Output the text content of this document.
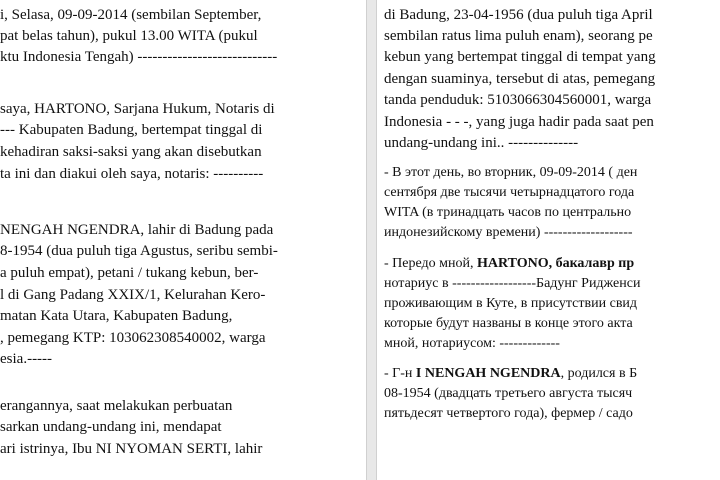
i, Selasa, 09-09-2014 (sembilan September,

pat belas tahun), pukul 13.00 WITA (pukul

ktu Indonesia Tengah) ----------------------------

saya, HARTONO, Sarjana Hukum, Notaris di

--- Kabupaten Badung, bertempat tinggal di

kehadiran saksi-saksi yang akan disebutkan

ta ini dan diakui oleh saya, notaris: ----------

NENGAH NGENDRA, lahir di Badung pada

8-1954 (dua puluh tiga Agustus, seribu sembi-

a puluh empat), petani / tukang kebun, ber-

l di Gang Padang XXIX/1, Kelurahan Kero-

matan Kata Utara, Kabupaten Badung,

, pemegang KTP: 103062308540002, warga

esia.-----

erangannya, saat melakukan perbuatan

sarkan undang-undang ini, mendapat

ari istrinya, Ibu NI NYOMAN SERTI, lahir

di Badung, 23-04-1956 (dua puluh tiga April

sembilan ratus lima puluh enam), seorang pe

kebun yang bertempat tinggal di tempat yang

dengan suaminya, tersebut di atas, pemegang

tanda penduduk: 5103066304560001, warga

Indonesia - - -, yang juga hadir pada saat pen

undang-undang ini.. --------------

- В этот день, во вторник, 09-09-2014 ( ден

сентября две тысячи четырнадцатого года

WITA (в тринадцать часов по центрально

индонезийскому времени) -------------------

- Передо мной, HARTONO, бакалавр пр

нотариус в ------------------Бадунг Ридженси

проживающим в Куте, в присутствии свид

которые будут названы в конце этого акта

мной, нотариусом: -------------

- Г-н I NENGAH NGENDRA, родился в Б

08-1954 (двадцать третьего августа тысяч

пятьдесят четвертого года), фермер / садо
